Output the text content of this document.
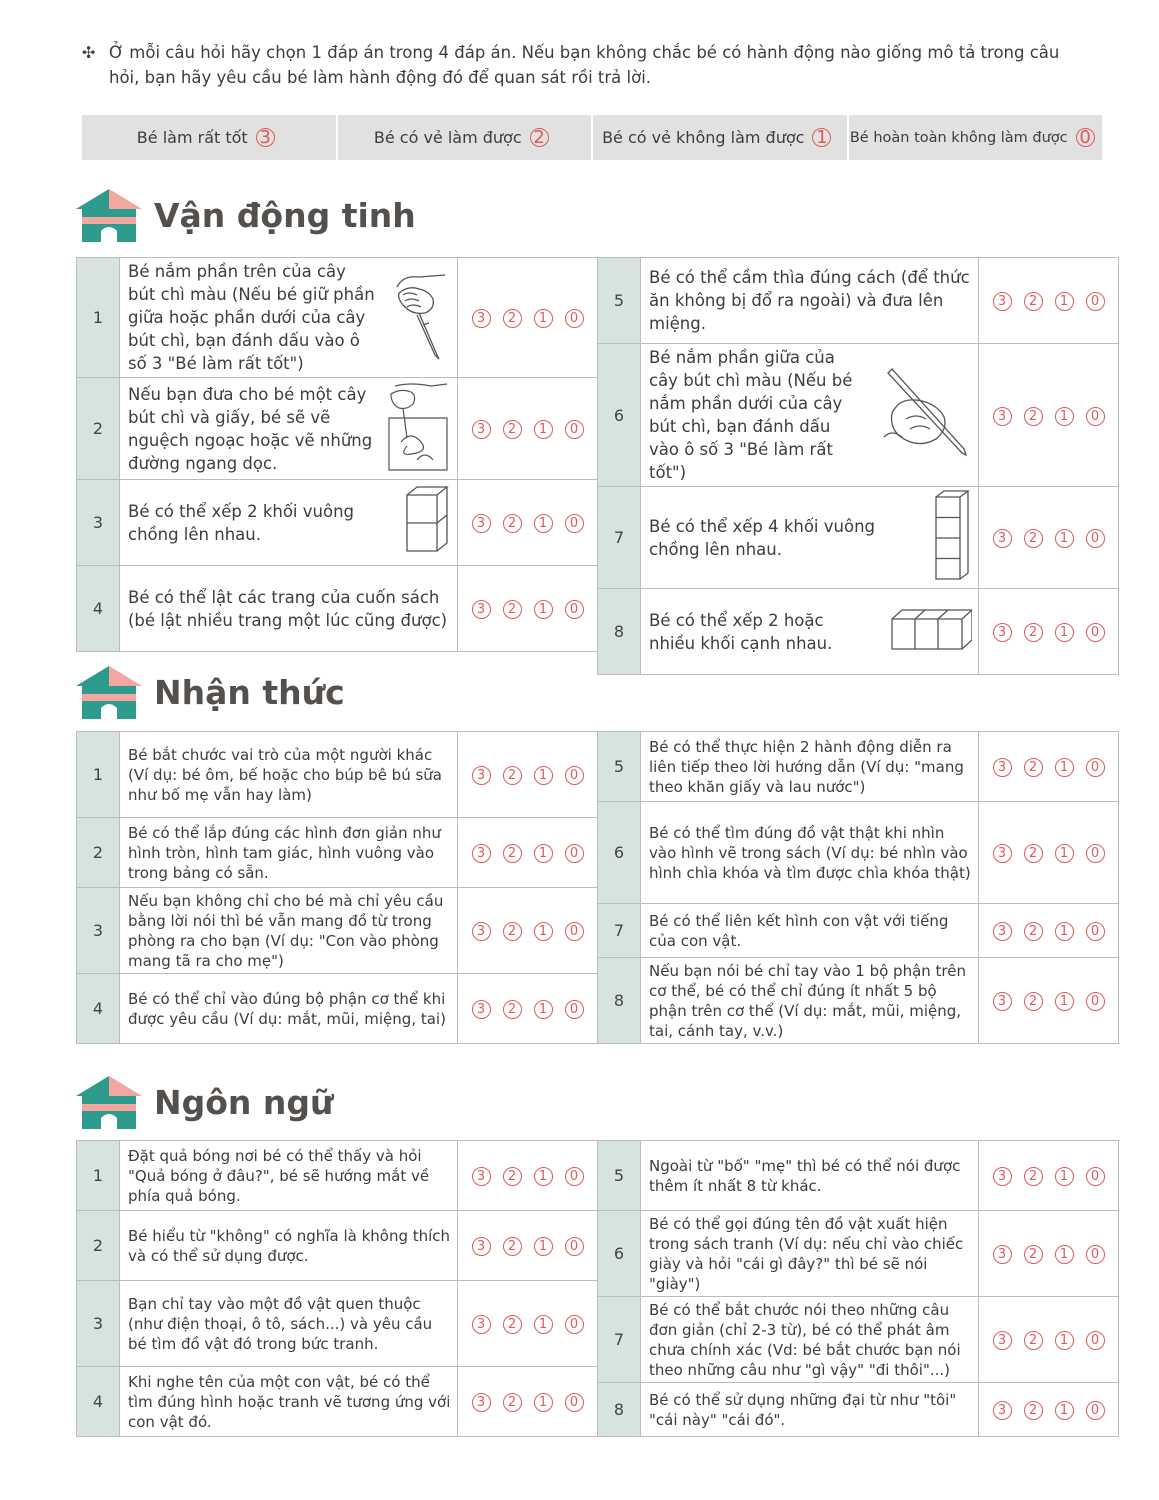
✣ Ở mỗi câu hỏi hãy chọn 1 đáp án trong 4 đáp án. Nếu bạn không chắc bé có hành động nào giống mô tả trong câu hỏi, bạn hãy yêu cầu bé làm hành động đó để quan sát rồi trả lời.
Bé làm rất tốt 3	Bé có vẻ làm được 2	Bé có vẻ không làm được 1 Bé hoàn toàn không làm được 0
Vận động tinh
1	Bé nắm phần trên của cây bút chì màu (Nếu bé giữ phần giữa hoặc phần dưới của cây bút chì, bạn đánh dấu vào ô số 3 "Bé làm rất tốt")	3 2 1 0
2	Nếu bạn đưa cho bé một cây bút chì và giấy, bé sẽ vẽ nguệch ngoạc hoặc vẽ những đường ngang dọc.	3 2 1 0
3	Bé có thể xếp 2 khối vuông chồng lên nhau.	3 2 1 0
4	Bé có thể lật các trang của cuốn sách (bé lật nhiều trang một lúc cũng được)	3 2 1 0
5	Bé có thể cầm thìa đúng cách (để thức ăn không bị đổ ra ngoài) và đưa lên miệng.	3 2 1 0
6	Bé nắm phần giữa của cây bút chì màu (Nếu bé nắm phần dưới của cây bút chì, bạn đánh dấu vào ô số 3 "Bé làm rất tốt")	3 2 1 0
7	Bé có thể xếp 4 khối vuông chồng lên nhau.	3 2 1 0
8	Bé có thể xếp 2 hoặc nhiều khối cạnh nhau.	3 2 1 0
Nhận thức
1	Bé bắt chước vai trò của một người khác (Ví dụ: bé ôm, bế hoặc cho búp bê bú sữa như bố mẹ vẫn hay làm)	3 2 1 0
2	Bé có thể lắp đúng các hình đơn giản như hình tròn, hình tam giác, hình vuông vào trong bảng có sẵn.	3 2 1 0
3	Nếu bạn không chỉ cho bé mà chỉ yêu cầu bằng lời nói thì bé vẫn mang đồ từ trong phòng ra cho bạn (Ví dụ: "Con vào phòng mang tã ra cho mẹ")	3 2 1 0
4	Bé có thể chỉ vào đúng bộ phận cơ thể khi được yêu cầu (Ví dụ: mắt, mũi, miệng, tai)	3 2 1 0
5	Bé có thể thực hiện 2 hành động diễn ra liên tiếp theo lời hướng dẫn (Ví dụ: "mang theo khăn giấy và lau nước")	3 2 1 0
6	Bé có thể tìm đúng đồ vật thật khi nhìn vào hình vẽ trong sách (Ví dụ: bé nhìn vào hình chìa khóa và tìm được chìa khóa thật)	3 2 1 0
7	Bé có thể liên kết hình con vật với tiếng của con vật.	3 2 1 0
8	Nếu bạn nói bé chỉ tay vào 1 bộ phận trên cơ thể, bé có thể chỉ đúng ít nhất 5 bộ phận trên cơ thể (Ví dụ: mắt, mũi, miệng, tai, cánh tay, v.v.)	3 2 1 0
Ngôn ngữ
1	Đặt quả bóng nơi bé có thể thấy và hỏi "Quả bóng ở đâu?", bé sẽ hướng mắt về phía quả bóng.	3 2 1 0
2	Bé hiểu từ "không" có nghĩa là không thích và có thể sử dụng được.	3 2 1 0
3	Bạn chỉ tay vào một đồ vật quen thuộc (như điện thoại, ô tô, sách...) và yêu cầu bé tìm đồ vật đó trong bức tranh.	3 2 1 0
4	Khi nghe tên của một con vật, bé có thể tìm đúng hình hoặc tranh vẽ tương ứng với con vật đó.	3 2 1 0
5	Ngoài từ "bố" "mẹ" thì bé có thể nói được thêm ít nhất 8 từ khác.	3 2 1 0
6	Bé có thể gọi đúng tên đồ vật xuất hiện trong sách tranh (Ví dụ: nếu chỉ vào chiếc giày và hỏi "cái gì đây?" thì bé sẽ nói "giày")	3 2 1 0
7	Bé có thể bắt chước nói theo những câu đơn giản (chỉ 2-3 từ), bé có thể phát âm chưa chính xác (Vd: bé bắt chước bạn nói theo những câu như "gì vậy" "đi thôi"...)	3 2 1 0
8	Bé có thể sử dụng những đại từ như "tôi" "cái này" "cái đó".	3 2 1 0
